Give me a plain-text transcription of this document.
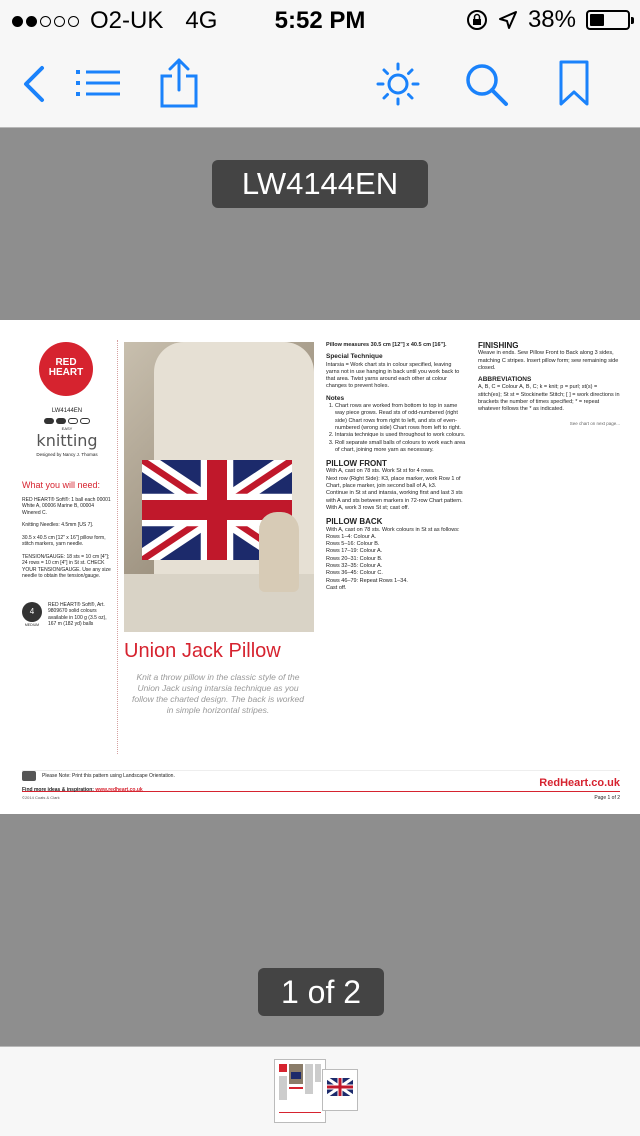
O2-UK 4G	5:52 PM	38%
LW4144EN
RED HEART
LW4144EN
EASY
knitting
Designed by Nancy J. Thomas
What you will need:

RED HEART® Soft®: 1 ball each 00001 White A, 00006 Marine B, 00004 Winered C.

Knitting Needles: 4.5mm [US 7].

30.5 x 40.5 cm [12" x 16"] pillow form, stitch markers, yarn needle.

TENSION/GAUGE: 18 sts = 10 cm [4"]; 24 rows = 10 cm [4"] in St st. CHECK YOUR TENSION/GAUGE. Use any size needle to obtain the tension/gauge.

4
MEDIUM
RED HEART® Soft®, Art. 9809670 solid colours available in 100 g (3.5 oz), 167 m (182 yd) balls
Union Jack Pillow
Knit a throw pillow in the classic style of the Union Jack using intarsia technique as you follow the charted design. The back is worked in simple horizontal stripes.

Pillow measures 30.5 cm [12"] x 40.5 cm [16"].

Special Technique

Intarsia = Work chart sts in colour specified, leaving yarns not in use hanging in back until you work back to that area. Twist yarns around each other at colour changes to prevent holes.

Notes
1. Chart rows are worked from bottom to top in same way piece grows. Read sts of odd-numbered (right side) Chart rows from right to left, and sts of even-numbered (wrong side) Chart rows from left to right.
2. Intarsia technique is used throughout to work colours.
3. Roll separate small balls of colours to work each area of chart, joining more yarn as necessary.
PILLOW FRONT

With A, cast on 78 sts. Work St st for 4 rows.

Next row (Right Side): K3, place marker, work Row 1 of Chart, place marker, join second ball of A, k3.

Continue in St st and intarsia, working first and last 3 sts with A and sts between markers in 72-row Chart pattern.

With A, work 3 rows St st; cast off.

PILLOW BACK

With A, cast on 78 sts. Work colours in St st as follows:

Rows 1–4: Colour A.

Rows 5–16: Colour B.

Rows 17–19: Colour A.

Rows 20–31: Colour B.

Rows 32–35: Colour A.

Rows 36–45: Colour C.

Rows 46–79: Repeat Rows 1–34.

Cast off.

FINISHING

Weave in ends. Sew Pillow Front to Back along 3 sides, matching C stripes. Insert pillow form; sew remaining side closed.

ABBREVIATIONS

A, B, C = Colour A, B, C; k = knit; p = purl; st(s) = stitch(es); St st = Stockinette Stitch; [ ] = work directions in brackets the number of times specified; * = repeat whatever follows the * as indicated.

See chart on next page...
Please Note: Print this pattern using Landscape Orientation.
Find more ideas & inspiration: www.redheart.co.uk
©2014 Coats & Clark
RedHeart.co.uk
Page 1 of 2
1 of 2
